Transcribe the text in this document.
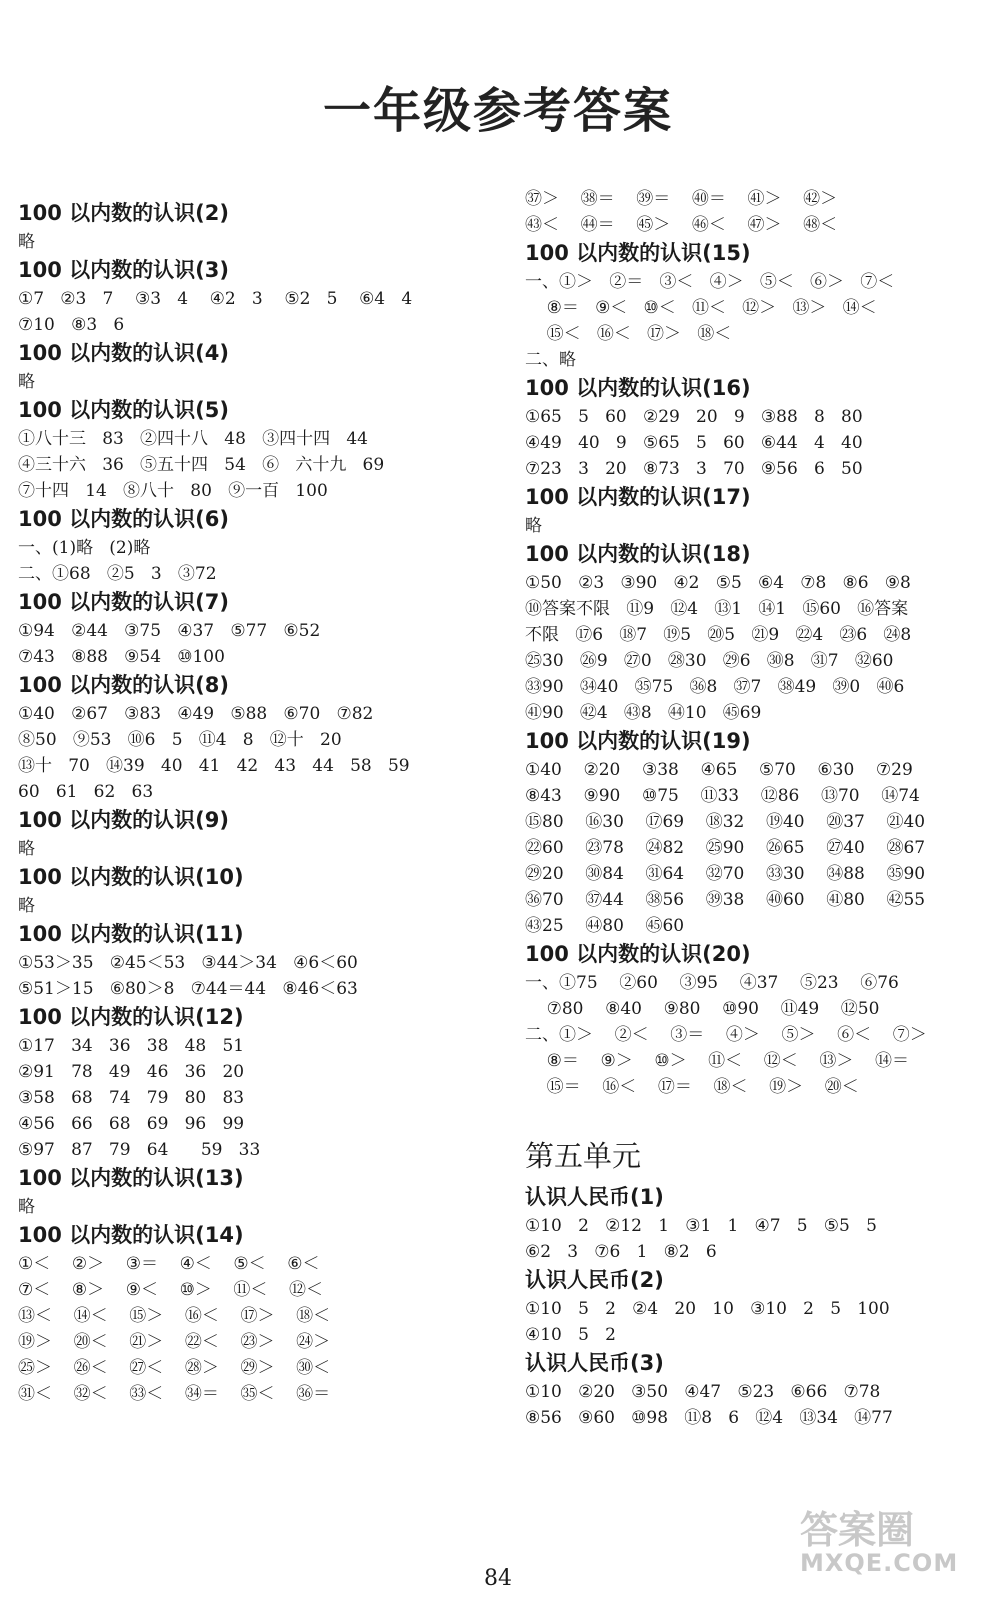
一年级参考答案
100 以内数的认识(2)
略
100 以内数的认识(3)
①7   ②3   7    ③3   4    ④2   3    ⑤2   5    ⑥4   4
⑦10   ⑧3   6
100 以内数的认识(4)
略
100 以内数的认识(5)
①八十三   83   ②四十八   48   ③四十四   44
④三十六   36   ⑤五十四   54   ⑥   六十九   69
⑦十四   14   ⑧八十   80   ⑨一百   100
100 以内数的认识(6)
一、(1)略   (2)略
二、①68   ②5   3   ③72
100 以内数的认识(7)
①94   ②44   ③75   ④37   ⑤77   ⑥52
⑦43   ⑧88   ⑨54   ⑩100
100 以内数的认识(8)
①40   ②67   ③83   ④49   ⑤88   ⑥70   ⑦82
⑧50   ⑨53   ⑩6   5   ⑪4   8   ⑫十   20
⑬十   70   ⑭39   40   41   42   43   44   58   59
60   61   62   63
100 以内数的认识(9)
略
100 以内数的认识(10)
略
100 以内数的认识(11)
①53＞35   ②45＜53   ③44＞34   ④6＜60
⑤51＞15   ⑥80＞8   ⑦44＝44   ⑧46＜63
100 以内数的认识(12)
①17   34   36   38   48   51
②91   78   49   46   36   20
③58   68   74   79   80   83
④56   66   68   69   96   99
⑤97   87   79   64      59   33
100 以内数的认识(13)
略
100 以内数的认识(14)
①＜    ②＞    ③＝    ④＜    ⑤＜    ⑥＜
⑦＜    ⑧＞    ⑨＜    ⑩＞    ⑪＜    ⑫＜
⑬＜    ⑭＜    ⑮＞    ⑯＜    ⑰＞    ⑱＜
⑲＞    ⑳＜    ㉑＞    ㉒＜    ㉓＞    ㉔＞
㉕＞    ㉖＜    ㉗＜    ㉘＞    ㉙＞    ㉚＜
㉛＜    ㉜＜    ㉝＜    ㉞＝    ㉟＜    ㊱＝
㊲＞    ㊳＝    ㊴＝    ㊵＝    ㊶＞    ㊷＞
㊸＜    ㊹＝    ㊺＞    ㊻＜    ㊼＞    ㊽＜
100 以内数的认识(15)
一、①＞   ②＝   ③＜   ④＞   ⑤＜   ⑥＞   ⑦＜
⑧＝   ⑨＜   ⑩＜   ⑪＜   ⑫＞   ⑬＞   ⑭＜
⑮＜   ⑯＜   ⑰＞   ⑱＜
二、略
100 以内数的认识(16)
①65   5   60   ②29   20   9   ③88   8   80
④49   40   9   ⑤65   5   60   ⑥44   4   40
⑦23   3   20   ⑧73   3   70   ⑨56   6   50
100 以内数的认识(17)
略
100 以内数的认识(18)
①50   ②3   ③90   ④2   ⑤5   ⑥4   ⑦8   ⑧6   ⑨8
⑩答案不限   ⑪9   ⑫4   ⑬1   ⑭1   ⑮60   ⑯答案
不限   ⑰6   ⑱7   ⑲5   ⑳5   ㉑9   ㉒4   ㉓6   ㉔8
㉕30   ㉖9   ㉗0   ㉘30   ㉙6   ㉚8   ㉛7   ㉜60
㉝90   ㉞40   ㉟75   ㊱8   ㊲7   ㊳49   ㊴0   ㊵6
㊶90   ㊷4   ㊸8   ㊹10   ㊺69
100 以内数的认识(19)
①40    ②20    ③38    ④65    ⑤70    ⑥30    ⑦29
⑧43    ⑨90    ⑩75    ⑪33    ⑫86    ⑬70    ⑭74
⑮80    ⑯30    ⑰69    ⑱32    ⑲40    ⑳37    ㉑40
㉒60    ㉓78    ㉔82    ㉕90    ㉖65    ㉗40    ㉘67
㉙20    ㉚84    ㉛64    ㉜70    ㉝30    ㉞88    ㉟90
㊱70    ㊲44    ㊳56    ㊴38    ㊵60    ㊶80    ㊷55
㊸25    ㊹80    ㊺60
100 以内数的认识(20)
一、①75    ②60    ③95    ④37    ⑤23    ⑥76
⑦80    ⑧40    ⑨80    ⑩90    ⑪49    ⑫50
二、①＞    ②＜    ③＝    ④＞    ⑤＞    ⑥＜    ⑦＞
⑧＝    ⑨＞    ⑩＞    ⑪＜    ⑫＜    ⑬＞    ⑭＝
⑮＝    ⑯＜    ⑰＝    ⑱＜    ⑲＞    ⑳＜
第五单元
认识人民币(1)
①10   2   ②12   1   ③1   1   ④7   5   ⑤5   5
⑥2   3   ⑦6   1   ⑧2   6
认识人民币(2)
①10   5   2   ②4   20   10   ③10   2   5   100
④10   5   2
认识人民币(3)
①10   ②20   ③50   ④47   ⑤23   ⑥66   ⑦78
⑧56   ⑨60   ⑩98   ⑪8   6   ⑫4   ⑬34   ⑭77
84
答案圈
MXQE.COM
